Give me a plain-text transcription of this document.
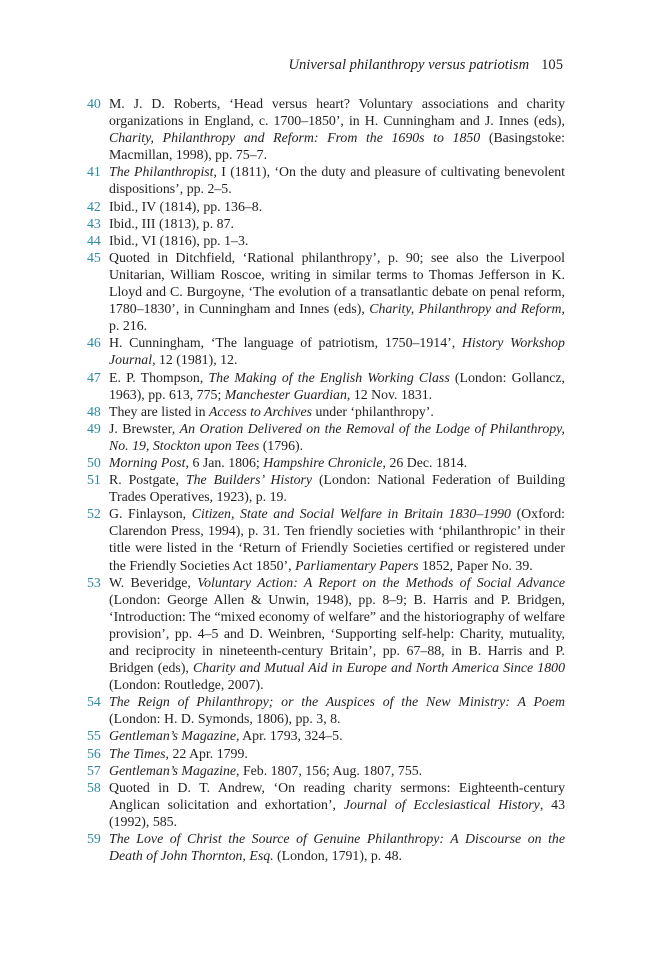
Universal philanthropy versus patriotism 105
40 M. J. D. Roberts, ‘Head versus heart? Voluntary associations and charity organizations in England, c. 1700–1850’, in H. Cunningham and J. Innes (eds), Charity, Philanthropy and Reform: From the 1690s to 1850 (Basingstoke: Macmillan, 1998), pp. 75–7.
41 The Philanthropist, I (1811), ‘On the duty and pleasure of cultivating benevolent dispositions’, pp. 2–5.
42 Ibid., IV (1814), pp. 136–8.
43 Ibid., III (1813), p. 87.
44 Ibid., VI (1816), pp. 1–3.
45 Quoted in Ditchfield, ‘Rational philanthropy’, p. 90; see also the Liverpool Unitarian, William Roscoe, writing in similar terms to Thomas Jefferson in K. Lloyd and C. Burgoyne, ‘The evolution of a transatlantic debate on penal reform, 1780–1830’, in Cunningham and Innes (eds), Charity, Philanthropy and Reform, p. 216.
46 H. Cunningham, ‘The language of patriotism, 1750–1914’, History Workshop Journal, 12 (1981), 12.
47 E. P. Thompson, The Making of the English Working Class (London: Gollancz, 1963), pp. 613, 775; Manchester Guardian, 12 Nov. 1831.
48 They are listed in Access to Archives under ‘philanthropy’.
49 J. Brewster, An Oration Delivered on the Removal of the Lodge of Philanthropy, No. 19, Stockton upon Tees (1796).
50 Morning Post, 6 Jan. 1806; Hampshire Chronicle, 26 Dec. 1814.
51 R. Postgate, The Builders’ History (London: National Federation of Building Trades Operatives, 1923), p. 19.
52 G. Finlayson, Citizen, State and Social Welfare in Britain 1830–1990 (Oxford: Clarendon Press, 1994), p. 31. Ten friendly societies with ‘philanthropic’ in their title were listed in the ‘Return of Friendly Societies certified or registered under the Friendly Societies Act 1850’, Parliamentary Papers 1852, Paper No. 39.
53 W. Beveridge, Voluntary Action: A Report on the Methods of Social Advance (London: George Allen & Unwin, 1948), pp. 8–9; B. Harris and P. Bridgen, ‘Introduction: The “mixed economy of welfare” and the historiography of welfare provision’, pp. 4–5 and D. Weinbren, ‘Supporting self-help: Charity, mutuality, and reciprocity in nineteenth-century Britain’, pp. 67–88, in B. Harris and P. Bridgen (eds), Charity and Mutual Aid in Europe and North America Since 1800 (London: Routledge, 2007).
54 The Reign of Philanthropy; or the Auspices of the New Ministry: A Poem (London: H. D. Symonds, 1806), pp. 3, 8.
55 Gentleman’s Magazine, Apr. 1793, 324–5.
56 The Times, 22 Apr. 1799.
57 Gentleman’s Magazine, Feb. 1807, 156; Aug. 1807, 755.
58 Quoted in D. T. Andrew, ‘On reading charity sermons: Eighteenth-century Anglican solicitation and exhortation’, Journal of Ecclesiastical History, 43 (1992), 585.
59 The Love of Christ the Source of Genuine Philanthropy: A Discourse on the Death of John Thornton, Esq. (London, 1791), p. 48.
